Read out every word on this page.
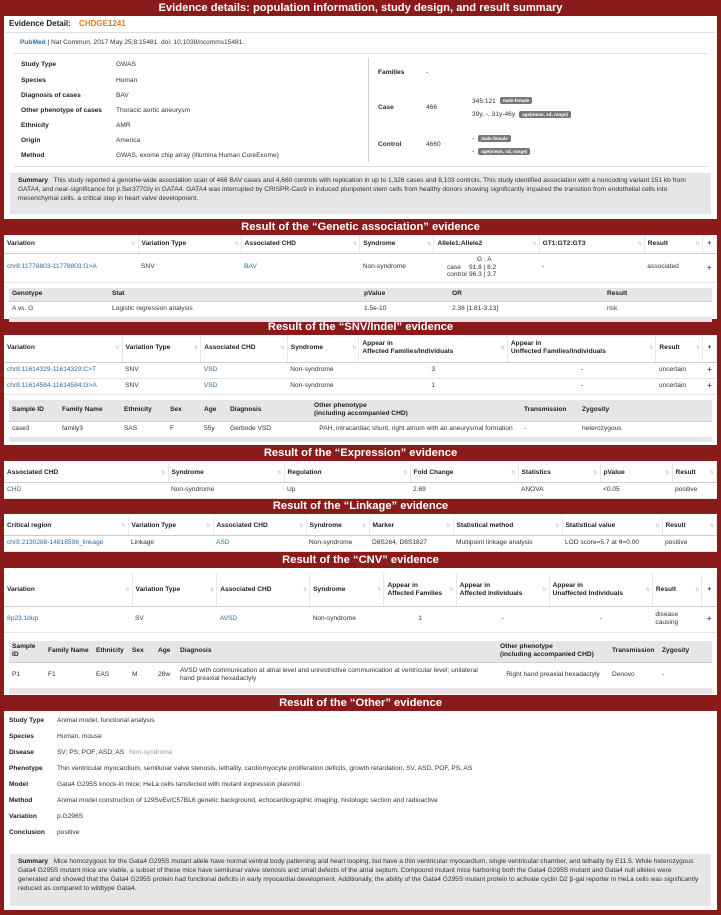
Evidence details: population information, study design, and result summary
Evidence Detail: CHDGE1241
PubMed | Nat Commun. 2017 May 25;8:15481. doi: 10.1038/ncomms15481.
Study Type	GWAS
Species	Human
Diagnosis of cases	BAV
Other phenotype of cases	Thoracic aortic aneurysm
Ethnicity	AMR
Origin	America
Method	GWAS, exome chip array (Illumina Human CoreExome)
Families	-	
Case	466	345:121 male:female
39y, -, 31y-46y age(mean, sd, range)

Control	4660	- male:female
- age(mean, sd, range)
Summary This study reported a genome-wide association scan of 466 BAV cases and 4,660 controls with replication in up to 1,326 cases and 8,103 controls. This study identified association with a noncoding variant 151 kb from GATA4, and near-significance for p.Ser377Gly in GATA4. GATA4 was interrupted by CRISPR-Cas9 in induced pluripotent stem cells from healthy donors showing significantly impaired the transition from endothelial cells into mesenchymal cells, a critical step in heart valve development.
Result of the “Genetic association” evidence
Variation ⇅	Variation Type ⇅	Associated CHD ⇅	Syndrome ⇅	Allele1:Allele2 ⇅	GT1:GT2:GT3 ⇅	Result ⇅	+

chr8:11778803-11778803:G>A	SNV	BAV	Non-syndrome	G : A
case 91.8 | 8.2
control 96.3 | 3.7	-	associated	+
Genotype	Stat	pValue	OR	Result

A vs. G	Logistic regression analysis	1.5e-10	2.38 [1.81-3.13]	risk
Result of the “SNV/Indel” evidence
Variation ⇅	Variation Type ⇅	Associated CHD ⇅	Syndrome ⇅	Appear in
Affected Families/Individuals
⇅	Appear in
Unffected Families/Individuals
⇅	Result ⇅	+

chr8:11614329-11614329:C>T	SNV	VSD	Non-syndrome	3	-	uncertain	+
chr8:11614584-11614584:G>A	SNV	VSD	Non-syndrome	1	-	uncertain	+
Sample ID	Family Name	Ethnicity	Sex	Age	Diagnosis	Other phenotype
(including accompanied CHD)	Transmission	Zygosity

case3	family3	SAS	F	55y	Gerbode VSD	PAH, intracardiac shunt, right atrium with an aneurysmal formation	-	heterozygous
Result of the “Expression” evidence
Associated CHD ⇅	Syndrome ⇅	Regulation ⇅	Fold Change ⇅	Statistics ⇅	pValue ⇅	Result ⇅

CHD	Non-syndrome	Up	2.69	ANOVA	<0.05	positive
Result of the “Linkage” evidence
Critical region ⇅	Variation Type ⇅	Associated CHD ⇅	Syndrome ⇅	Marker ⇅	Statistical method ⇅	Statistical value ⇅	Result ⇅

chr8:2130288-14818598_linkage	Linkage	ASD	Non-syndrome	D8S264, D8S1827	Multipoint linkage analysis	LOD score=5.7 at θ=0.00	positive
Result of the “CNV” evidence
Variation ⇅	Variation Type ⇅	Associated CHD ⇅	Syndrome ⇅	Appear in
Affected Families
⇅	Appear in
Affected Individuals
⇅	Appear in
Unaffected Individuals
⇅	Result ⇅	+

8p23.1dup	SV	AVSD	Non-syndrome	1	-	-	disease causing	+
Sample ID	Family Name	Ethnicity	Sex	Age	Diagnosis	Other phenotype
(including accompanied CHD)	Transmission	Zygosity

P1	F1	EAS	M	28w	AVSD with communication at atrial level and unrestrictive communication at ventricular level; unilateral hand preaxial hexadactyly	Right hand preaxial hexadactyly	Denovo	-
Result of the “Other” evidence
Study Type	Animal model, functional analysis
Species	Human, mouse
Disease	SV; PS; POF; ASD; AS Non-syndrome
Phenotype	Thin ventricular myocardium, semilunar valve stenosis, lethality, cardiomyocyte proliferation deficits, growth retardation, SV, ASD, POF, PS, AS
Model	Gata4 G295S knock-in mice; HeLa cells tansfected with mutant expression plasmid
Method	Animal model construction of 129SvEv/C57BL6 genetic background, echocardiographic imaging, histologic section and radioactive
Variation	p.G296S
Conclusion	positive
Summary Mice homozygous for the Gata4 G295S mutant allele have normal ventral body patterning and heart looping, but have a thin ventricular myocardium, single ventricular chamber, and lethality by E11.5. While heterozygous Gata4 G295S mutant mice are viable, a subset of these mice have semilunar valve stenosis and small defects of the atrial septum. Compound mutant mice harboring both the Gata4 G295S mutant and Gata4 null alleles were generated and showed that the Gata4 G295S protein had functional deficits in early myocardial development. Additionally, the ability of the Gata4 G295S mutant protein to activate cyclin D2 β-gal reporter in HeLa cells was significantly reduced as compared to wildtype Gata4.
